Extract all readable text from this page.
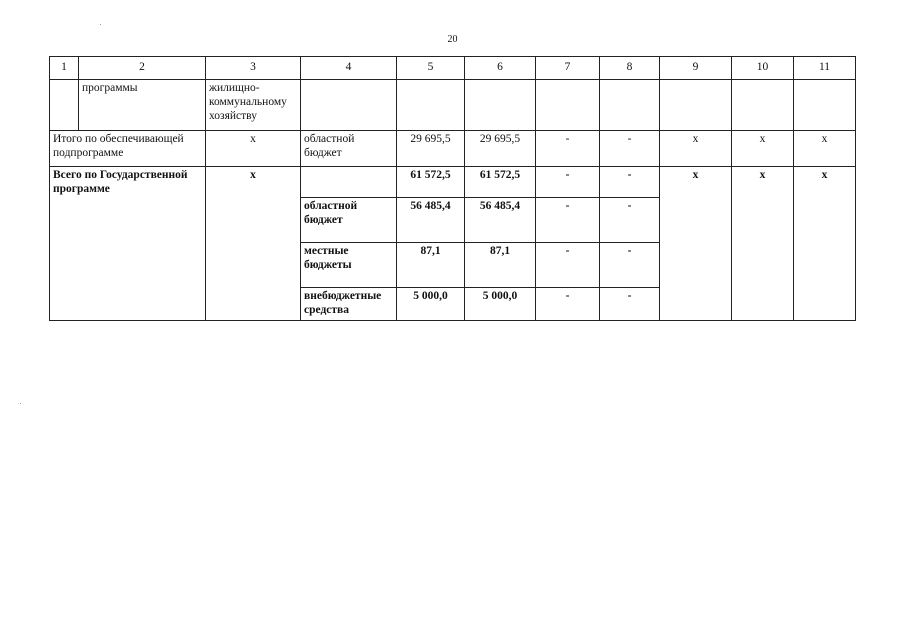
20
1	2	3	4	5	6	7	8	9	10	11
	программы	жилищно-коммунальному хозяйству								
Итого по обеспечивающей подпрограмме		x	областной бюджет	29 695,5	29 695,5	-	-	x	x	x
Всего по Государственной программе		x		61 572,5	61 572,5	-	-	x	x	x
			областной бюджет	56 485,4	56 485,4	-	-			
			местные бюджеты	87,1	87,1	-	-			
			внебюджетные средства	5 000,0	5 000,0	-	-			
